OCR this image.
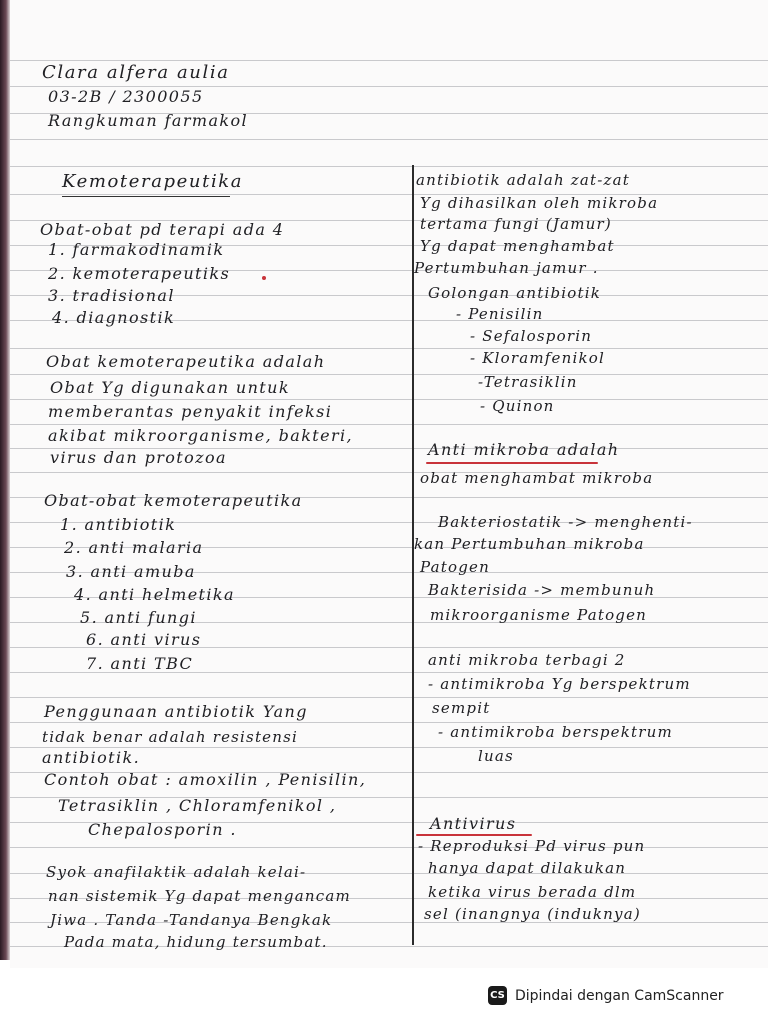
Clara alfera aulia
03-2B / 2300055
Rangkuman farmakol
Kemoterapeutika
Obat-obat pd terapi ada 4
1. farmakodinamik
2. kemoterapeutiks
3. tradisional
4. diagnostik
Obat kemoterapeutika adalah
Obat Yg digunakan untuk
memberantas penyakit infeksi
akibat mikroorganisme, bakteri,
virus dan protozoa
Obat-obat kemoterapeutika
1. antibiotik
2. anti malaria
3. anti amuba
4. anti helmetika
5. anti fungi
6. anti virus
7. anti TBC
Penggunaan antibiotik Yang
tidak benar adalah resistensi
antibiotik.
Contoh obat : amoxilin , Penisilin,
Tetrasiklin , Chloramfenikol ,
Chepalosporin .
Syok anafilaktik adalah kelai-
nan sistemik Yg dapat mengancam
Jiwa . Tanda -Tandanya Bengkak
Pada mata, hidung tersumbat.
antibiotik adalah zat-zat
Yg dihasilkan oleh mikroba
tertama fungi (Jamur)
Yg dapat menghambat
Pertumbuhan jamur .
Golongan antibiotik
- Penisilin
- Sefalosporin
- Kloramfenikol
-Tetrasiklin
- Quinon
Anti mikroba adalah
obat menghambat mikroba
Bakteriostatik -> menghenti-
kan Pertumbuhan mikroba
Patogen
Bakterisida -> membunuh
mikroorganisme Patogen
anti mikroba terbagi 2
- antimikroba Yg berspektrum
sempit
- antimikroba berspektrum
luas
Antivirus
- Reproduksi Pd virus pun
hanya dapat dilakukan
ketika virus berada dlm
sel (inangnya (induknya)
CS Dipindai dengan CamScanner
